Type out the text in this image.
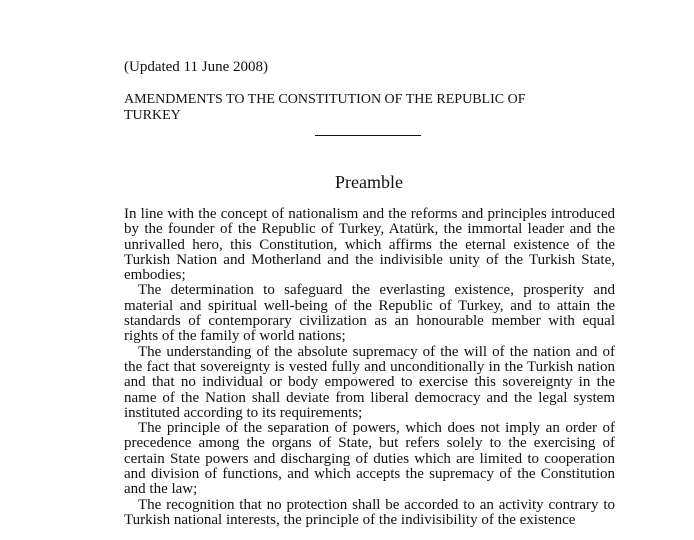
(Updated 11 June 2008)
AMENDMENTS TO THE CONSTITUTION OF THE REPUBLIC OF TURKEY
Preamble

In line with the concept of nationalism and the reforms and principles introduced by the founder of the Republic of Turkey, Atatürk, the immortal leader and the unrivalled hero, this Constitution, which affirms the eternal existence of the Turkish Nation and Motherland and the indivisible unity of the Turkish State, embodies;

The determination to safeguard the everlasting existence, prosperity and material and spiritual well-being of the Republic of Turkey, and to attain the standards of contemporary civilization as an honourable member with equal rights of the family of world nations;

The understanding of the absolute supremacy of the will of the nation and of the fact that sovereignty is vested fully and unconditionally in the Turkish nation and that no individual or body empowered to exercise this sovereignty in the name of the Nation shall deviate from liberal democracy and the legal system instituted according to its requirements;

The principle of the separation of powers, which does not imply an order of precedence among the organs of State, but refers solely to the exercising of certain State powers and discharging of duties which are limited to cooperation and division of functions, and which accepts the supremacy of the Constitution and the law;

The recognition that no protection shall be accorded to an activity contrary to Turkish national interests, the principle of the indivisibility of the existence
